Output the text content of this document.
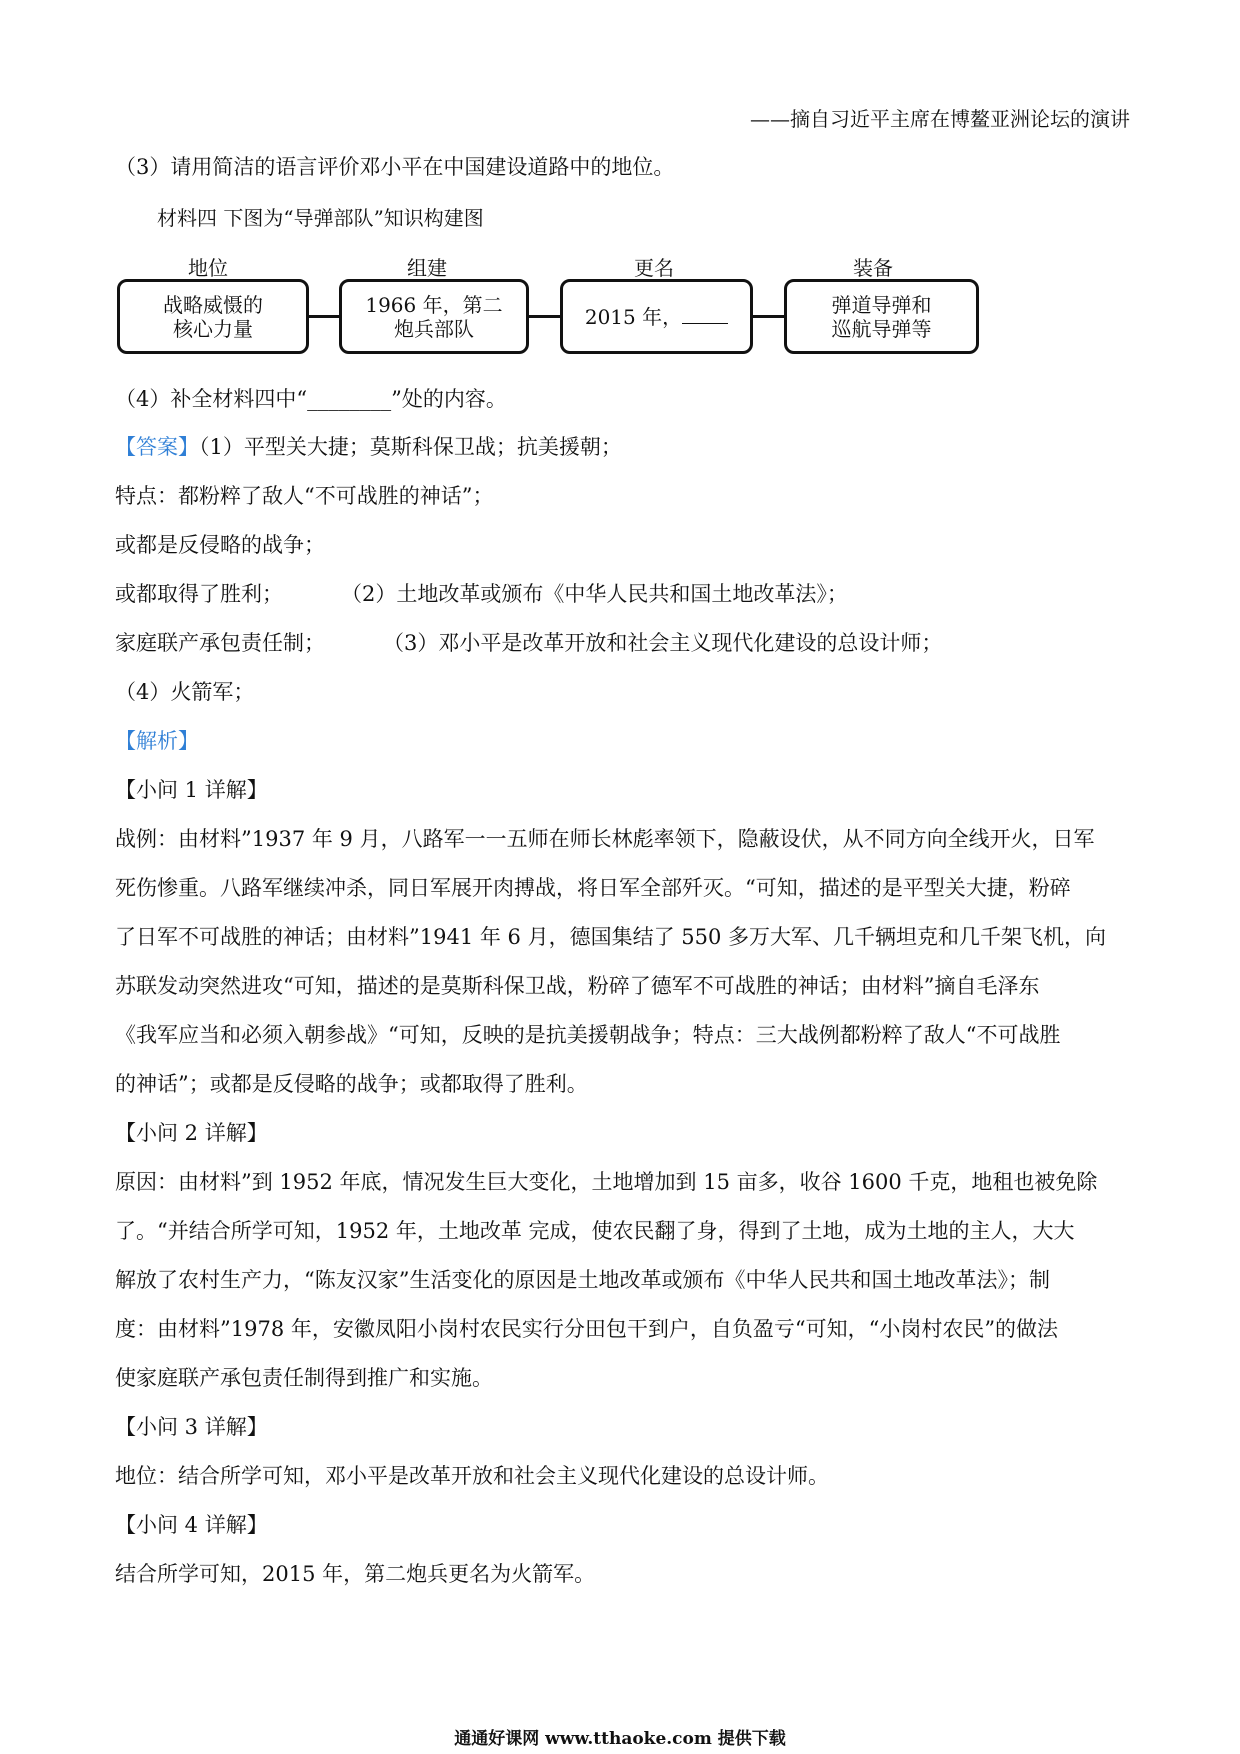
——摘自习近平主席在博鳌亚洲论坛的演讲
（3）请用简洁的语言评价邓小平在中国建设道路中的地位。
材料四 下图为“导弹部队”知识构建图
地位	组建	更名	装备
战略威慑的
核心力量
1966 年，第二
炮兵部队	2015 年，	弹道导弹和
巡航导弹等
（4）补全材料四中“________”处的内容。

【答案】（1）平型关大捷；莫斯科保卫战；抗美援朝；

特点：都粉粹了敌人“不可战胜的神话”；

或都是反侵略的战争；

或都取得了胜利；	（2）土地改革或颁布《中华人民共和国土地改革法》；

家庭联产承包责任制；	（3）邓小平是改革开放和社会主义现代化建设的总设计师；

（4）火箭军；

【解析】

【小问 1 详解】

战例：由材料”1937 年 9 月，八路军一一五师在师长林彪率领下，隐蔽设伏，从不同方向全线开火，日军

死伤惨重。八路军继续冲杀，同日军展开肉搏战，将日军全部歼灭。“可知，描述的是平型关大捷，粉碎

了日军不可战胜的神话；由材料”1941 年 6 月，德国集结了 550 多万大军、几千辆坦克和几千架飞机，向

苏联发动突然进攻“可知，描述的是莫斯科保卫战，粉碎了德军不可战胜的神话；由材料”摘自毛泽东

《我军应当和必须入朝参战》“可知，反映的是抗美援朝战争；特点：三大战例都粉粹了敌人“不可战胜

的神话”；或都是反侵略的战争；或都取得了胜利。

【小问 2 详解】

原因：由材料”到 1952 年底，情况发生巨大变化，土地增加到 15 亩多，收谷 1600 千克，地租也被免除

了。“并结合所学可知，1952 年，土地改革 完成，使农民翻了身，得到了土地，成为土地的主人，大大

解放了农村生产力，“陈友汉家”生活变化的原因是土地改革或颁布《中华人民共和国土地改革法》；制

度：由材料”1978 年，安徽凤阳小岗村农民实行分田包干到户，自负盈亏“可知，“小岗村农民”的做法

使家庭联产承包责任制得到推广和实施。

【小问 3 详解】

地位：结合所学可知，邓小平是改革开放和社会主义现代化建设的总设计师。

【小问 4 详解】

结合所学可知，2015 年，第二炮兵更名为火箭军。

通通好课网 www.tthaoke.com 提供下载
